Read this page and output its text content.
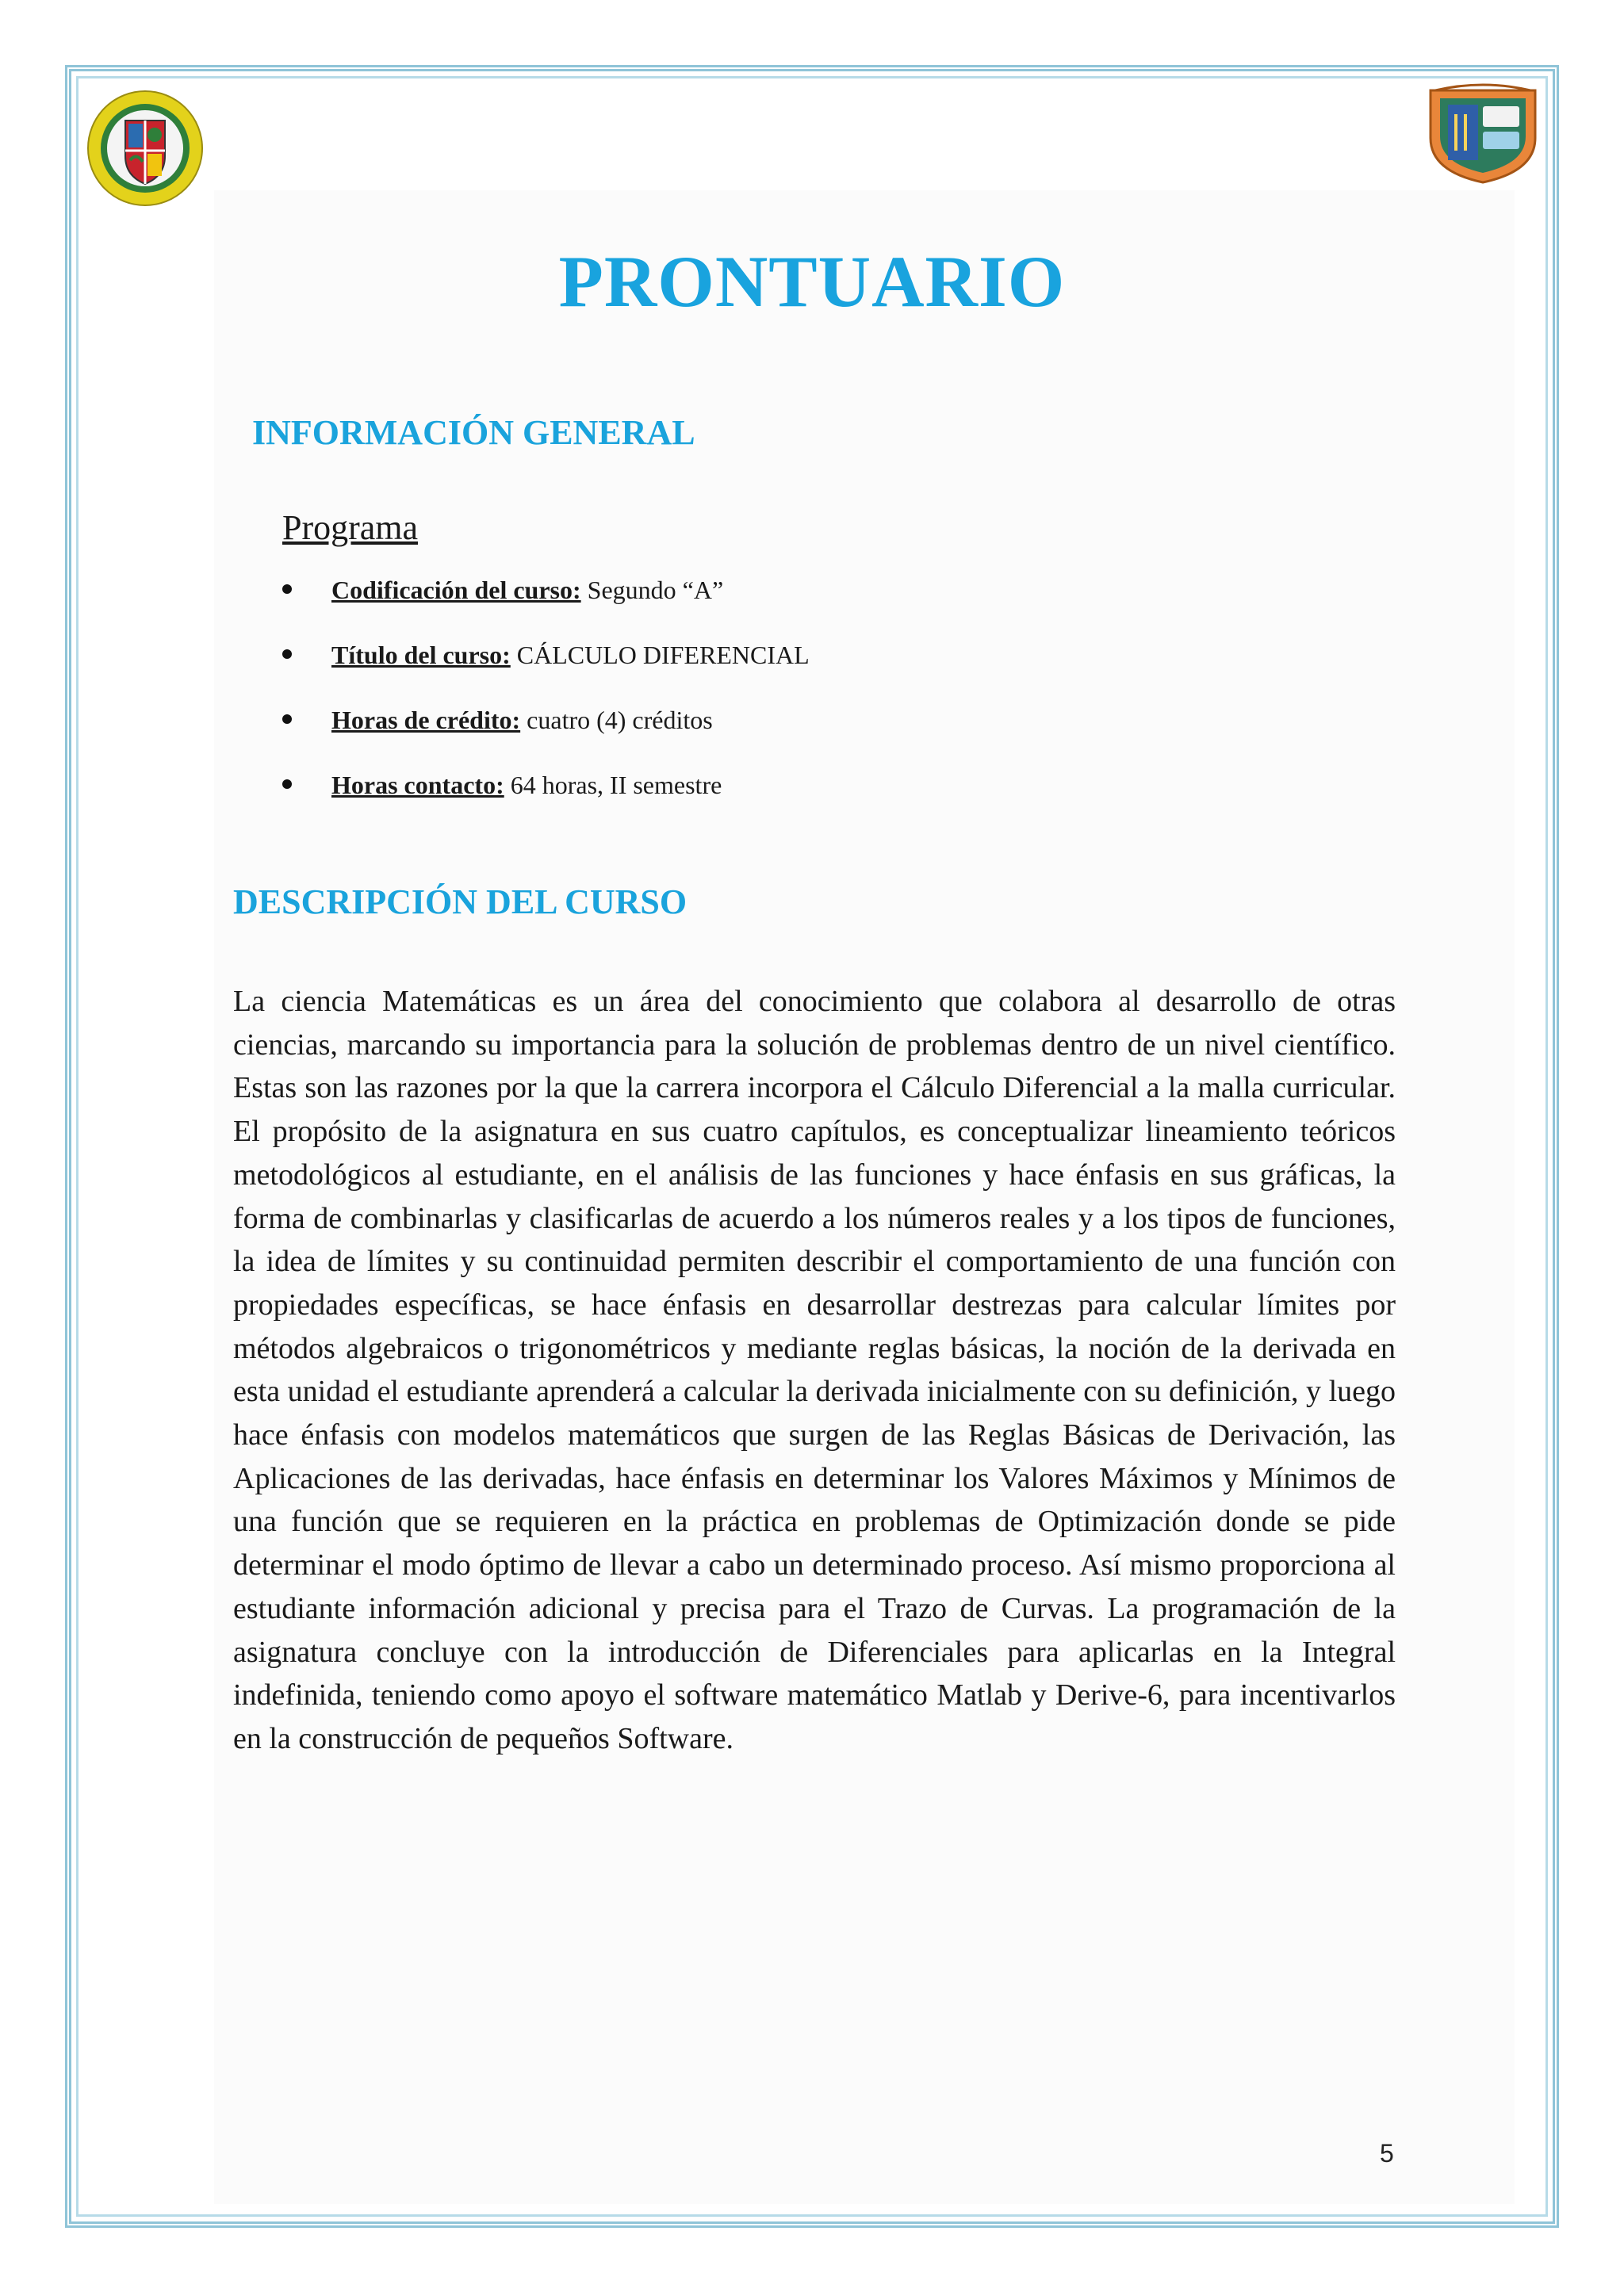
PRONTUARIO
INFORMACIÓN GENERAL
Programa
Codificación del curso: Segundo “A”
Título del curso: CÁLCULO DIFERENCIAL
Horas de crédito: cuatro (4) créditos
Horas contacto: 64 horas, II semestre
DESCRIPCIÓN DEL CURSO

La ciencia Matemáticas es un área del conocimiento que colabora al desarrollo de otras ciencias, marcando su importancia para la solución de problemas dentro de un nivel científico. Estas son las razones por la que la carrera incorpora el Cálculo Diferencial a la malla curricular. El propósito de la asignatura en sus cuatro capítulos, es conceptualizar lineamiento teóricos metodológicos al estudiante, en el análisis de las funciones y hace énfasis en sus gráficas, la forma de combinarlas y clasificarlas de acuerdo a los números reales y a los tipos de funciones, la idea de límites y su continuidad permiten describir el comportamiento de una función con propiedades específicas, se hace énfasis en desarrollar destrezas para calcular límites por métodos algebraicos o trigonométricos y mediante reglas básicas, la noción de la derivada en esta unidad el estudiante aprenderá a calcular la derivada inicialmente con su definición, y luego hace énfasis con modelos matemáticos que surgen de las Reglas Básicas de Derivación, las Aplicaciones de las derivadas, hace énfasis en determinar los Valores Máximos y Mínimos de una función que se requieren en la práctica en problemas de Optimización donde se pide determinar el modo óptimo de llevar a cabo un determinado proceso. Así mismo proporciona al estudiante información adicional y precisa para el Trazo de Curvas. La programación de la asignatura concluye con la introducción de Diferenciales para aplicarlas en la Integral indefinida, teniendo como apoyo el software matemático Matlab y Derive-6, para incentivarlos en la construcción de pequeños Software.

5
